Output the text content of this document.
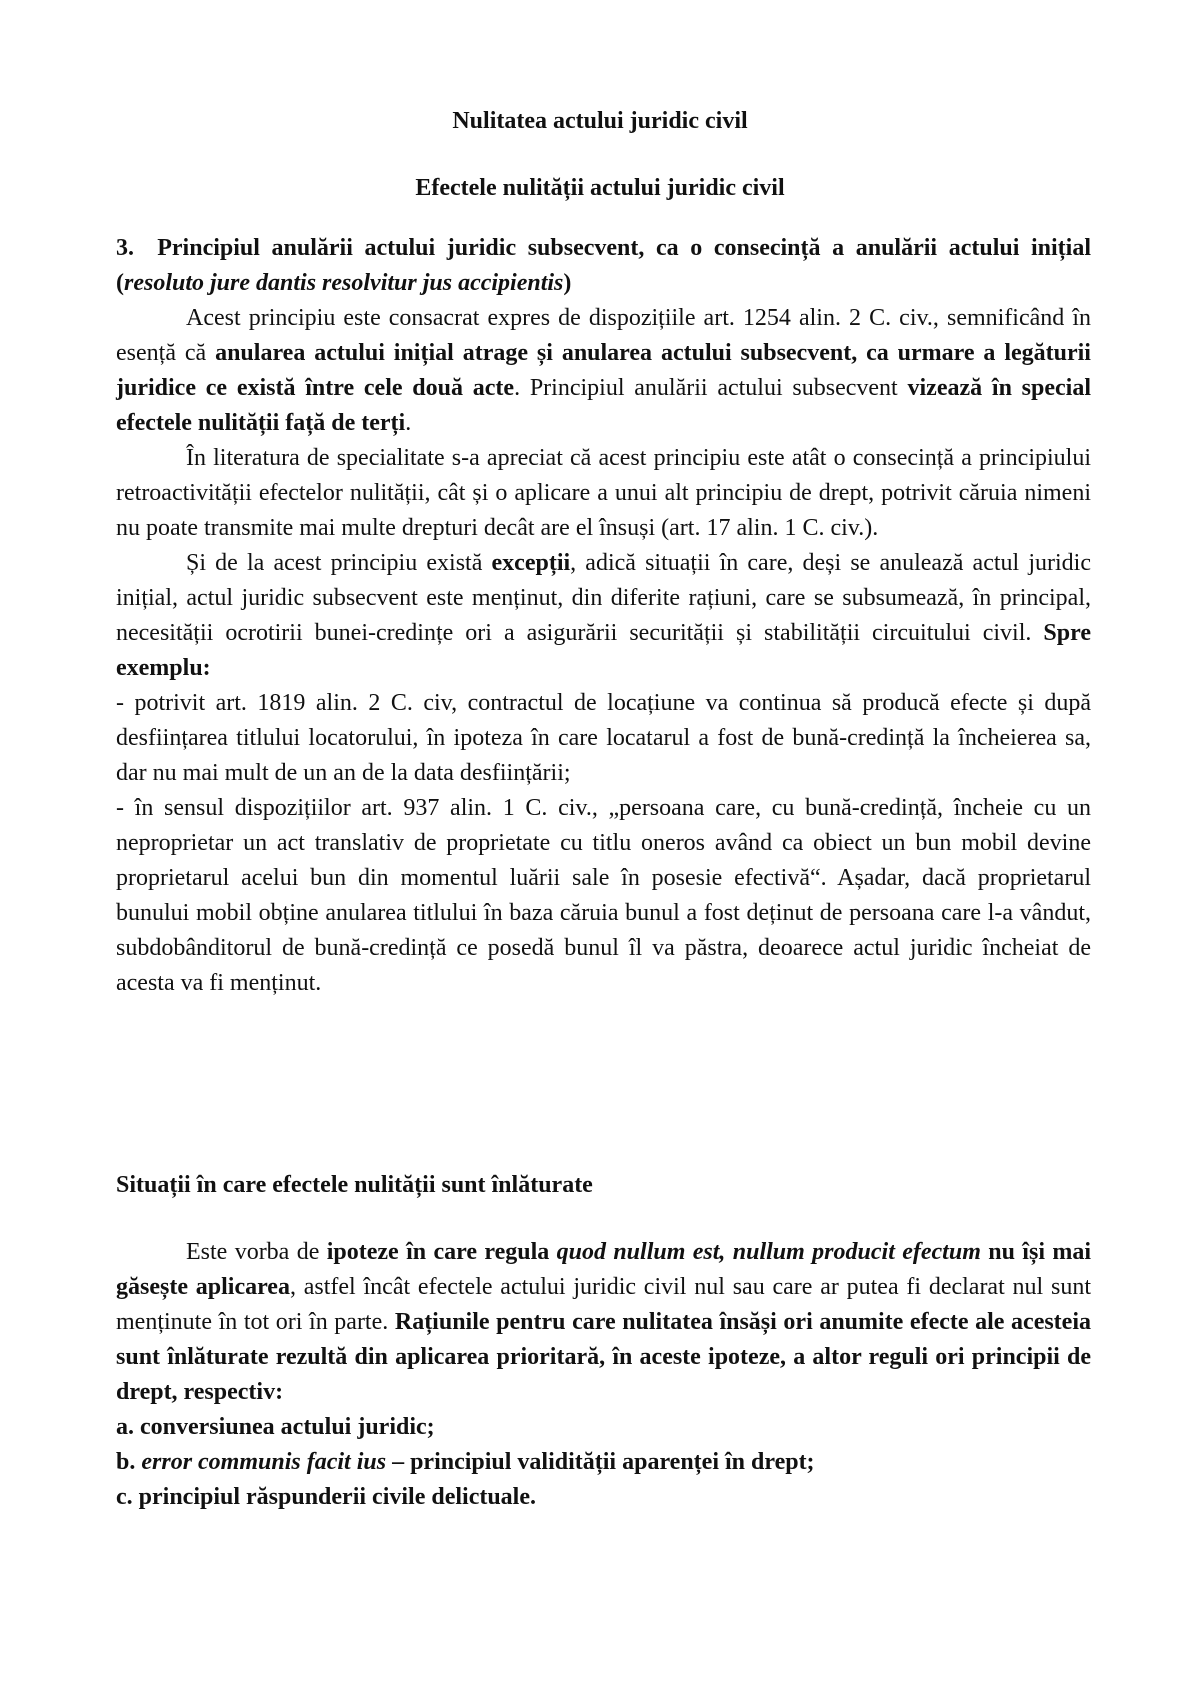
Nulitatea actului juridic civil
Efectele nulității actului juridic civil

3. Principiul anulării actului juridic subsecvent, ca o consecință a anulării actului inițial (resoluto jure dantis resolvitur jus accipientis)

Acest principiu este consacrat expres de dispozițiile art. 1254 alin. 2 C. civ., semnificând în esență că anularea actului inițial atrage și anularea actului subsecvent, ca urmare a legăturii juridice ce există între cele două acte. Principiul anulării actului subsecvent vizează în special efectele nulității față de terți.

În literatura de specialitate s-a apreciat că acest principiu este atât o consecință a principiului retroactivității efectelor nulității, cât și o aplicare a unui alt principiu de drept, potrivit căruia nimeni nu poate transmite mai multe drepturi decât are el însuși (art. 17 alin. 1 C. civ.).

Și de la acest principiu există excepții, adică situații în care, deși se anulează actul juridic inițial, actul juridic subsecvent este menținut, din diferite rațiuni, care se subsumează, în principal, necesității ocrotirii bunei-credințe ori a asigurării securității și stabilității circuitului civil. Spre exemplu:

- potrivit art. 1819 alin. 2 C. civ, contractul de locațiune va continua să producă efecte și după desființarea titlului locatorului, în ipoteza în care locatarul a fost de bună-credință la încheierea sa, dar nu mai mult de un an de la data desființării;

- în sensul dispozițiilor art. 937 alin. 1 C. civ., „persoana care, cu bună-credință, încheie cu un neproprietar un act translativ de proprietate cu titlu oneros având ca obiect un bun mobil devine proprietarul acelui bun din momentul luării sale în posesie efectivă“. Așadar, dacă proprietarul bunului mobil obține anularea titlului în baza căruia bunul a fost deținut de persoana care l-a vândut, subdobânditorul de bună-credință ce posedă bunul îl va păstra, deoarece actul juridic încheiat de acesta va fi menținut.

Situații în care efectele nulității sunt înlăturate

Este vorba de ipoteze în care regula quod nullum est, nullum producit efectum nu își mai găsește aplicarea, astfel încât efectele actului juridic civil nul sau care ar putea fi declarat nul sunt menținute în tot ori în parte. Rațiunile pentru care nulitatea însăși ori anumite efecte ale acesteia sunt înlăturate rezultă din aplicarea prioritară, în aceste ipoteze, a altor reguli ori principii de drept, respectiv:

a. conversiunea actului juridic;

b. error communis facit ius – principiul validității aparenței în drept;

c. principiul răspunderii civile delictuale.
